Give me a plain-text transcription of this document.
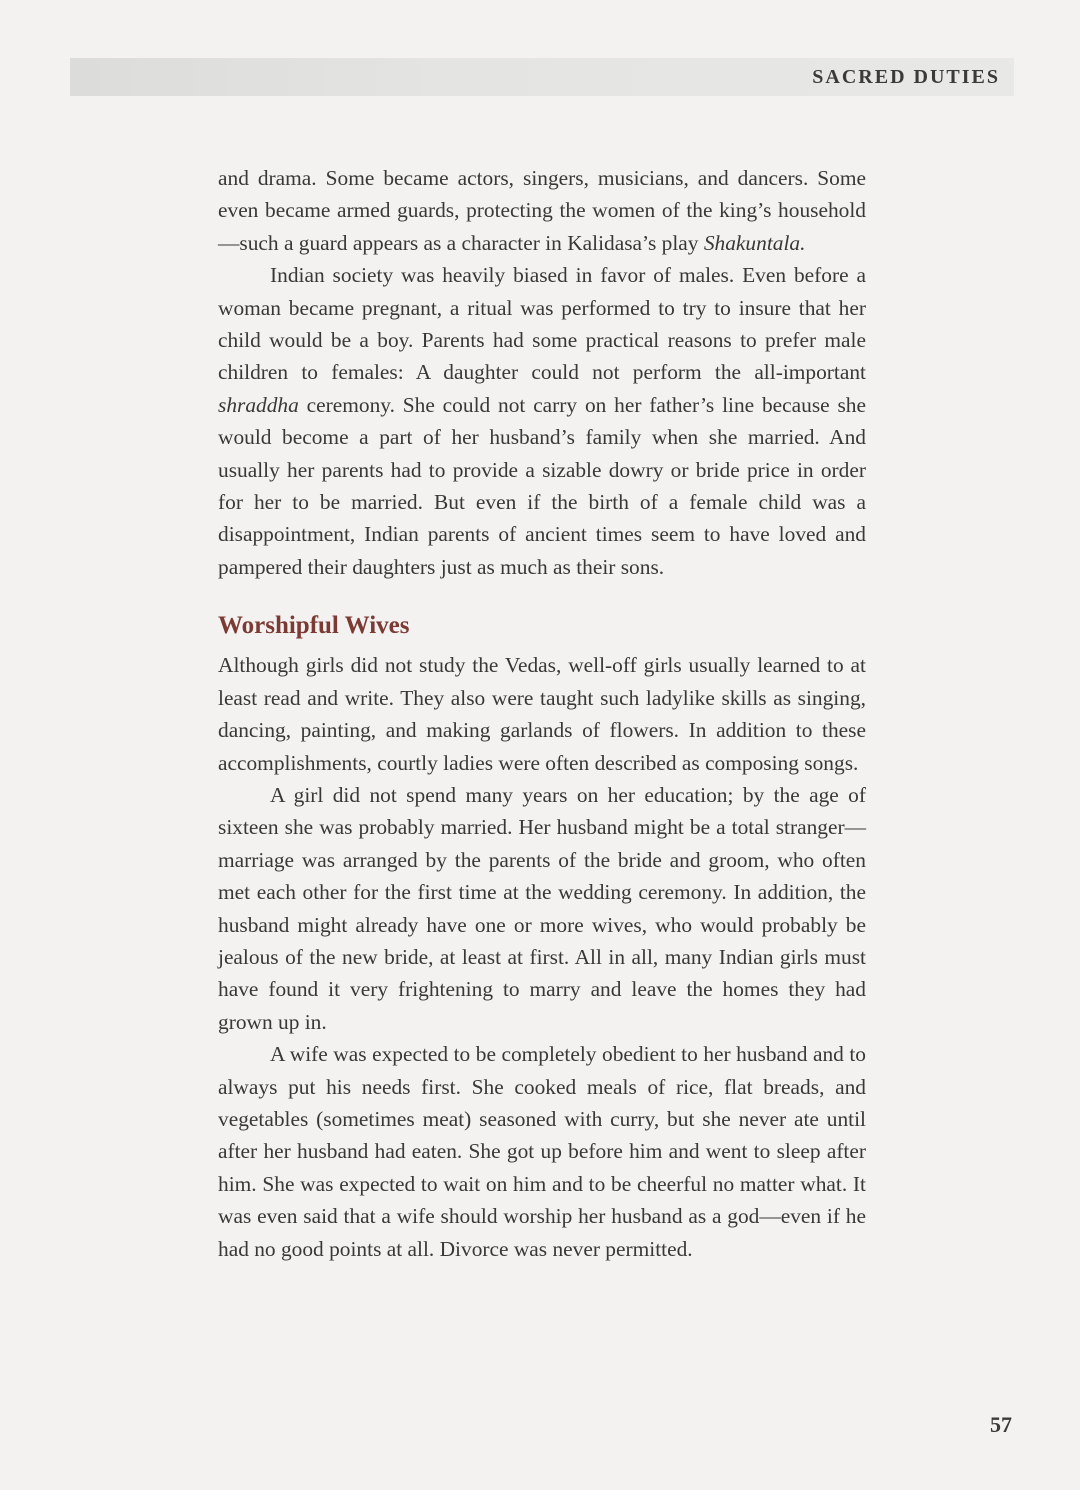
SACRED DUTIES

and drama. Some became actors, singers, musicians, and dancers. Some even became armed guards, protecting the women of the king’s household—such a guard appears as a character in Kalidasa’s play Shakuntala.

Indian society was heavily biased in favor of males. Even before a woman became pregnant, a ritual was performed to try to insure that her child would be a boy. Parents had some practical reasons to prefer male children to females: A daughter could not perform the all-important shraddha ceremony. She could not carry on her father’s line because she would become a part of her husband’s family when she married. And usually her parents had to provide a sizable dowry or bride price in order for her to be married. But even if the birth of a female child was a disappointment, Indian parents of ancient times seem to have loved and pampered their daughters just as much as their sons.

Worshipful Wives

Although girls did not study the Vedas, well-off girls usually learned to at least read and write. They also were taught such ladylike skills as singing, dancing, painting, and making garlands of flowers. In addition to these accomplishments, courtly ladies were often described as composing songs.

A girl did not spend many years on her education; by the age of sixteen she was probably married. Her husband might be a total stranger—marriage was arranged by the parents of the bride and groom, who often met each other for the first time at the wedding ceremony. In addition, the husband might already have one or more wives, who would probably be jealous of the new bride, at least at first. All in all, many Indian girls must have found it very frightening to marry and leave the homes they had grown up in.

A wife was expected to be completely obedient to her husband and to always put his needs first. She cooked meals of rice, flat breads, and vegetables (sometimes meat) seasoned with curry, but she never ate until after her husband had eaten. She got up before him and went to sleep after him. She was expected to wait on him and to be cheerful no matter what. It was even said that a wife should worship her husband as a god—even if he had no good points at all. Divorce was never permitted.

57
